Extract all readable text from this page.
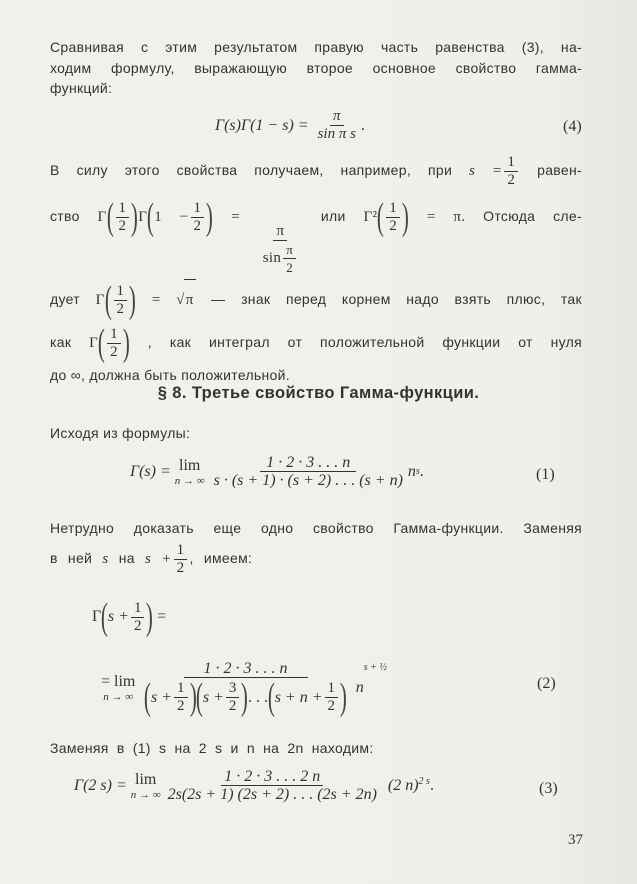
Сравнивая с этим результатом правую часть равенства (3), на-
ходим формулу, выражающую второе основное свойство гамма-
функций:
$\Gamma(s)\Gamma(1 - s) = \frac{\pi}{\text{sin π s}}$ .	(4)
В силу этого свойства получаем, например, при $s = \frac{1}{2}$ равен-
ство $\Gamma( \frac{1}{2} )\Gamma(1 - \frac{1}{2}$ ) =
$\frac{\pi}{\sin \frac{\pi}{2}}$
или $\Gamma^2( \frac{1}{2}$ ) = π. Отсюда сле-
дует $\Gamma( \frac{1}{2}$ ) = √π — знак перед корнем надо взять плюс, так
как $\Gamma( \frac{1}{2}$ ) , как интеграл от положительной функции от нуля
до ∞, должна быть положительной.
§ 8. Третье свойство Гамма-функции.
Исходя из формулы:
Γ(s) = lim
n → ∞ $\frac{1 \cdot 2 \cdot 3 . . . n}{s \cdot (s + 1) \cdot (s + 2) . . . (s + n)}$ n s .	(1)
Нетрудно доказать еще одно свойство Гамма-функции. Заменяя
в ней s на $s + \frac{1}{2}$ , имеем:
Γ ( $s + \frac{1}{2}$ ) =
= lim
n → ∞ $\frac{1 \cdot 2 \cdot 3 . . . n}{( s + \frac{1}{2} ) ( s + \frac{3}{2} ) . . . ( s + n + \frac{1}{2} )}$ n
s + ½
(2)
Заменяя в (1) s на 2 s и n на 2n находим:
Γ(2 s) = lim
n → ∞ $\frac{1 \cdot 2 \cdot 3 . . . 2 n}{2s(2s + 1) (2s + 2) . . . (2s + 2n)} (2$ n)$^{2 s}$ .	(3)
37
